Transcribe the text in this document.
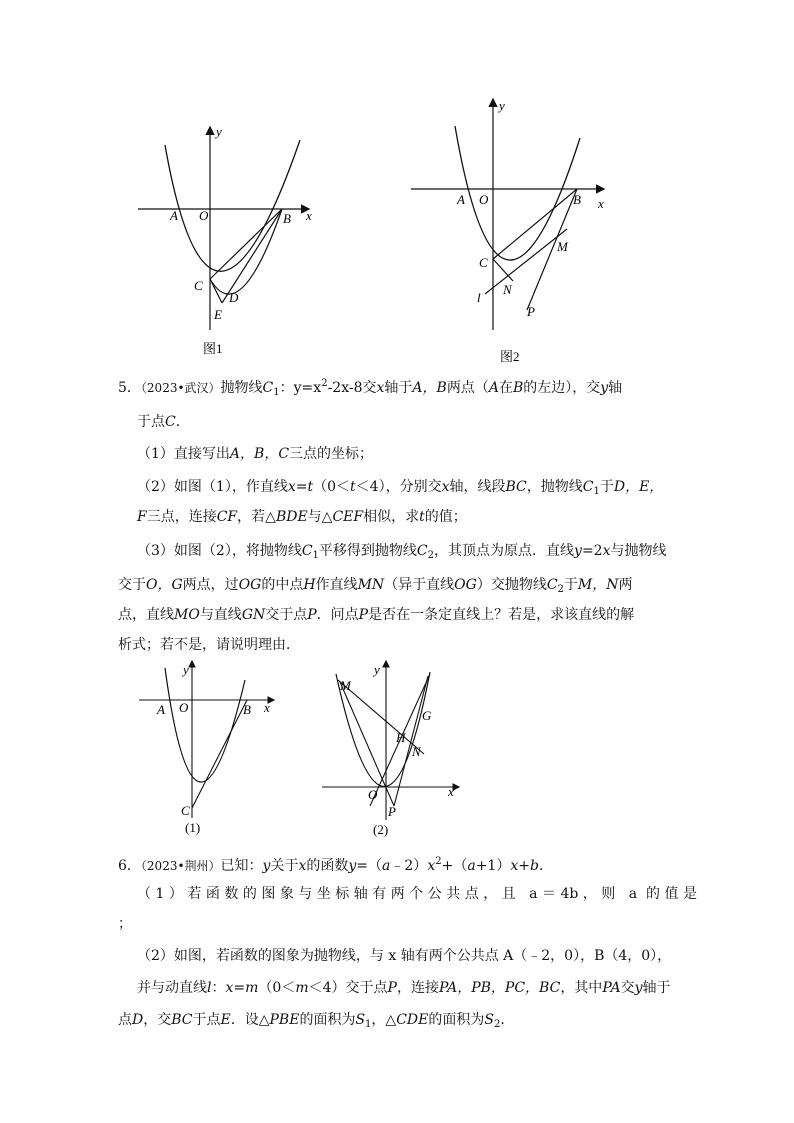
y
x
A O	B
C
D
E
图1
y
x
A O	B
C
M
N
P
l
图2
5．（2023•武汉）抛物线$C_1$：$y=x^2-2x-8$交x轴于A，B两点（A在B的左边），交y轴
于点C．
（1）直接写出A，B，C三点的坐标；
（2）如图（1），作直线x=t（0＜t＜4），分别交x轴，线段BC，抛物线$C_1$于D，E，
F三点，连接CF，若△BDE与△CEF相似，求t的值；
（3）如图（2），将抛物线$C_1$平移得到抛物线$C_2$，其顶点为原点．直线y=2x与抛物线
交于O，G两点，过OG的中点H作直线MN（异于直线OG）交抛物线$C_2$于M，N两
点，直线MO与直线GN交于点P．问点P是否在一条定直线上？若是，求该直线的解
析式；若不是，请说明理由．
y
x
A O	B
C
(1)
y
x
M
G
H
N
O
P
(2)
6．（2023•荆州）已知：y关于x的函数$y=(a﹣2)x^2+(a+1)x+b$．
（1）若函数的图象与坐标轴有两个公共点，且 a＝4b，则 a 的值是
；
（2）如图，若函数的图象为抛物线，与 x 轴有两个公共点 A（﹣2，0），B（4，0），
并与动直线l：x=m（0＜m＜4）交于点P，连接PA，PB，PC，BC，其中PA交y轴于
点D，交BC于点E．设△PBE的面积为$S_1$，△CDE的面积为$S_2$．
